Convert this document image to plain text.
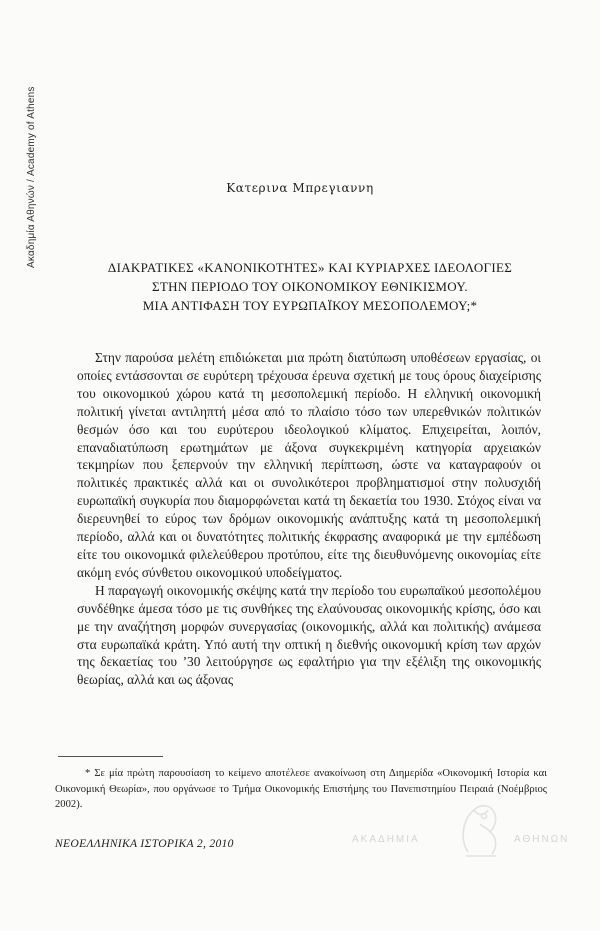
Ακαδημία Αθηνών / Academy of Athens	Κατερινα Μπρεγιαννη
ΔΙΑΚΡΑΤΙΚΕΣ «ΚΑΝΟΝΙΚΟΤΗΤΕΣ» ΚΑΙ ΚΥΡΙΑΡΧΕΣ ΙΔΕΟΛΟΓΙΕΣ
ΣΤΗΝ ΠΕΡΙΟΔΟ ΤΟΥ ΟΙΚΟΝΟΜΙΚΟΥ ΕΘΝΙΚΙΣΜΟΥ.
ΜΙΑ ΑΝΤΙΦΑΣΗ ΤΟΥ ΕΥΡΩΠΑΪΚΟΥ ΜΕΣΟΠΟΛΕΜΟΥ;*

Στην παρούσα μελέτη επιδιώκεται μια πρώτη διατύπωση υποθέσεων εργασίας, οι οποίες εντάσσονται σε ευρύτερη τρέχουσα έρευνα σχετική με τους όρους διαχείρισης του οικονομικού χώρου κατά τη μεσοπολεμική περίοδο. Η ελληνική οικονομική πολιτική γίνεται αντιληπτή μέσα από το πλαίσιο τόσο των υπερεθνικών πολιτικών θεσμών όσο και του ευρύτερου ιδεολογικού κλίματος. Επιχειρείται, λοιπόν, επαναδιατύπωση ερωτημάτων με άξονα συγκεκριμένη κατηγορία αρχειακών τεκμηρίων που ξεπερνούν την ελληνική περίπτωση, ώστε να καταγραφούν οι πολιτικές πρακτικές αλλά και οι συνολικότεροι προβληματισμοί στην πολυσχιδή ευρωπαϊκή συγκυρία που διαμορφώνεται κατά τη δεκαετία του 1930. Στόχος είναι να διερευνηθεί το εύρος των δρόμων οικονομικής ανάπτυξης κατά τη μεσοπολεμική περίοδο, αλλά και οι δυνατότητες πολιτικής έκφρασης αναφορικά με την εμπέδωση είτε του οικονομικά φιλελεύθερου προτύπου, είτε της διευθυνόμενης οικονομίας είτε ακόμη ενός σύνθετου οικονομικού υποδείγματος.

Η παραγωγή οικονομικής σκέψης κατά την περίοδο του ευρωπαϊκού μεσοπολέμου συνδέθηκε άμεσα τόσο με τις συνθήκες της ελαύνουσας οικονομικής κρίσης, όσο και με την αναζήτηση μορφών συνεργασίας (οικονομικής, αλλά και πολιτικής) ανάμεσα στα ευρωπαϊκά κράτη. Υπό αυτή την οπτική η διεθνής οικονομική κρίση των αρχών της δεκαετίας του ’30 λειτούργησε ως εφαλτήριο για την εξέλιξη της οικονομικής θεωρίας, αλλά και ως άξονας

* Σε μία πρώτη παρουσίαση το κείμενο αποτέλεσε ανακοίνωση στη Διημερίδα «Οικονομική Ιστορία και Οικονομική Θεωρία», που οργάνωσε το Τμήμα Οικονομικής Επιστήμης του Πανεπιστημίου Πειραιά (Νοέμβριος 2002).
ΝΕΟΕΛΛΗΝΙΚΑ ΙΣΤΟΡΙΚΑ 2, 2010	ΑΚΑΔΗΜΙΑ	ΑΘΗΝΩΝ
